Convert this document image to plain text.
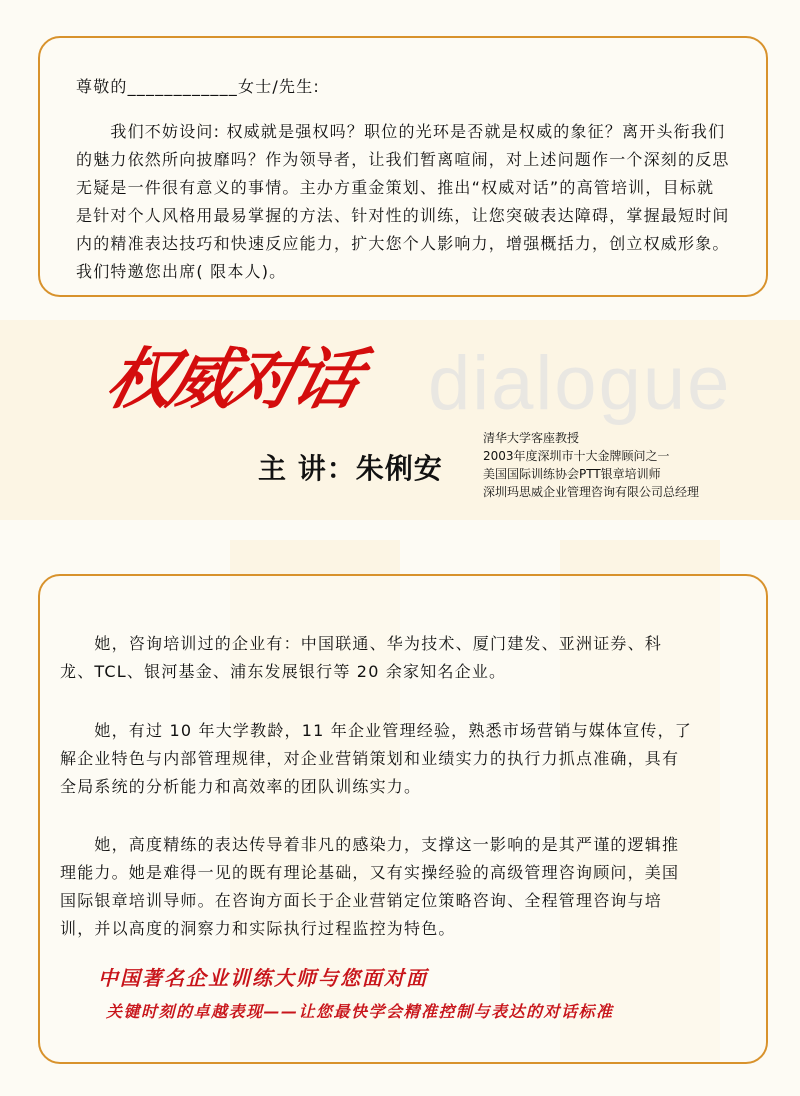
尊敬的____________女士/先生:
　　我们不妨设问: 权威就是强权吗？职位的光环是否就是权威的象征？离开头衔我们
的魅力依然所向披靡吗？作为领导者，让我们暂离喧闹，对上述问题作一个深刻的反思
无疑是一件很有意义的事情。主办方重金策划、推出“权威对话”的高管培训，目标就
是针对个人风格用最易掌握的方法、针对性的训练，让您突破表达障碍，掌握最短时间
内的精准表达技巧和快速反应能力，扩大您个人影响力，增强概括力，创立权威形象。
我们特邀您出席( 限本人)。
dialogue
权威对话
主 讲：朱俐安
清华大学客座教授
2003年度深圳市十大金牌顾问之一
美国国际训练协会PTT银章培训师
深圳玛思威企业管理咨询有限公司总经理
　　她，咨询培训过的企业有：中国联通、华为技术、厦门建发、亚洲证券、科
龙、TCL、银河基金、浦东发展银行等 20 余家知名企业。
　　她，有过 10 年大学教龄，11 年企业管理经验，熟悉市场营销与媒体宣传，了
解企业特色与内部管理规律，对企业营销策划和业绩实力的执行力抓点准确，具有
全局系统的分析能力和高效率的团队训练实力。
　　她，高度精练的表达传导着非凡的感染力，支撑这一影响的是其严谨的逻辑推
理能力。她是难得一见的既有理论基础，又有实操经验的高级管理咨询顾问，美国
国际银章培训导师。在咨询方面长于企业营销定位策略咨询、全程管理咨询与培
训，并以高度的洞察力和实际执行过程监控为特色。
中国著名企业训练大师与您面对面
关键时刻的卓越表现——让您最快学会精准控制与表达的对话标准
